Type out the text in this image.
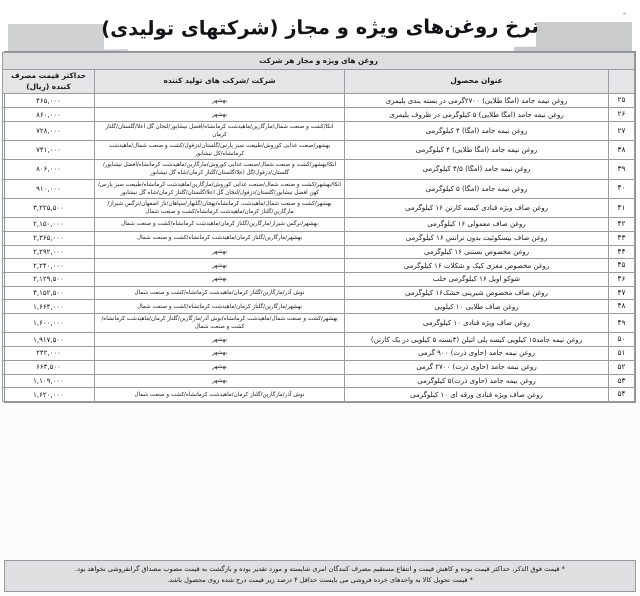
نرخ روغن‌های ویژه و مجاز (شرکتهای تولیدی)
روغن های ویژه و مجاز هر شرکت			
	عنوان محصول	شرکت /شرکت های تولید کننده	حداکثر قیمت مصرف کننده (ریال)
۲۵	روغن نیمه جامد (امگا طلایی) ۲۷۰۰گرمی در بسته بندی پلیمری	بهشهر	۴۶۵,۰۰۰
۲۶	روغن نیمه جامد (امگا طلایی) ۵ کیلوگرمی در ظروف پلیمری	بهشهر	۸۶۰,۰۰۰
۲۷	روغن نیمه جامد (امگا) ۴ کیلوگرمی	انکا/کشت و صنعت شمال/مارگارین/ماهیدشت کرمانشاه/افضل نیشابور/لنجان گل اعلا/گلستان/گلناز کرمان	۷۲۸,۰۰۰
۳۸	روغن نیمه جامد (امگا طلایی) ۴ کیلوگرمی	بهشهر/صنعت غذایی کوروش/طبیعت سبز پارس/گلستان/دزفول/کشت و صنعت شمال/ماهیدشت کرمانشاه/کل نیشابور	۷۴۱,۰۰۰
۳۹	روغن نیمه جامد (امگا) ۴/۵ کیلوگرمی	انکا/بهشهر/کشت و صنعت شمال/صنعت غذایی کوروش/مارگارین/ماهیدشت کرمانشاه/افضل نیشابور/گلستان/دزفول/گل اعلا/گلستان/گلناز کرمان/شاه گل نیشابور	۸۰۶,۰۰۰
۴۰	روغن نیمه جامد (امگا) ۵ کیلوگرمی	انکا/بهشهر/کشت و صنعت شمال/صنعت غذایی کوروش/مارگارین/ماهیدشت کرمانشاه/طبیعت سبز پارس/کهن افضل نیشابور/گلستان/دزفول/لنجان گل اعلا/گلستان/گلناز کرمان/شاه گل نیشابور	۹۱۰,۰۰۰
۴۱	روغن صاف ویژه قنادی کیسه کارتن ۱۶ کیلوگرمی	بهشهر/کشت و صنعت شمال/ماهیدشت کرمانشاه/بهجان/گلبهار/سپاهان/ناز اصفهان/نرگس شیراز/مارگارین/گلناز کرمان/ماهیدشت کرمانشاه/کشت و صنعت شمال	۳,۲۲۵,۵۰۰
۴۲	روغن صاف معمولی ۱۶ کیلوگرمی	بهشهر/نرگس شیراز/مارگارین/گلناز کرمان/ماهیدشت کرمانشاه/کشت و صنعت شمال	۲,۱۵۰,۰۰۰
۴۳	روغن صاف بیسکوئیت بدون ترانس ۱۶ کیلوگرمی	بهشهر/مارگارین/گلناز کرمان/ماهیدشت کرمانشاه/کشت و صنعت شمال	۲,۳۶۵,۰۰۰
۴۴	روغن مخصوص بستنی ۱۶ کیلوگرمی	بهشهر	۲,۲۹۲,۰۰۰
۴۵	روغن مخصوص مغزی کیک و شکلات ۱۶ کیلوگرمی	بهشهر	۲,۲۴۰,۰۰۰
۴۶	شوکو اویل ۱۶ کیلوگرمی حلب	بهشهر	۲,۱۲۹,۵۰۰
۴۷	روغن صاف مخصوص شیرینی خشک۱۶ کیلوگرمی	نوش آذر/مارگارین/گلناز کرمان/ماهیدشت کرمانشاه/کشت و صنعت شمال	۴,۱۵۲,۵۰۰
۴۸	روغن صاف طلایی ۱۰ کیلویی	بهشهر/مارگارین/گلناز کرمان/ماهیدشت کرمانشاه/کشت و صنعت شمال	۱,۶۶۴,۰۰۰
۴۹	روغن صاف ویژه قنادی ۱۰ کیلوگرمی	بهشهر/کشت و صنعت شمال/ماهیدشت کرمانشاه/نوش آذر/مارگارین/گلناز کرمان/ماهیدشت کرمانشاه/کشت و صنعت شمال	۱,۶۰۰,۰۰۰
۵۰	روغن نیمه جامد۱۵ کیلویی کیسه پلی اتیلن (۳بسته ۵ کیلویی در یک کارتن)	بهشهر	۱,۹۱۷,۵۰۰
۵۱	روغن نیمه جامد (حاوی ذرت) ۹۰۰ گرمی	بهشهر	۲۴۲,۰۰۰
۵۲	روغن نیمه جامد (حاوی ذرت) ۲۷۰۰ گرمی	بهشهر	۶۶۴,۵۰۰
۵۳	روغن نیمه جامد (حاوی ذرت)۵ کیلوگرمی	بهشهر	۱,۱۰۹,۰۰۰
۵۴	روغن صاف ویژه قنادی ورقه ای ۱۰ کیلوگرمی	نوش آذر/مارگارین/گلناز کرمان/ماهیدشت کرمانشاه/کشت و صنعت شمال	۱,۶۲۰,۰۰۰
* قیمت فوق الذکر، حداکثر قیمت بوده و کاهش قیمت و انتفاع مستقیم مصرف کنندگان امری شایسته و مورد تقدیر بوده و بازگشت به قیمت مصوب مصداق گرانفروشی نخواهد بود.
* قیمت تحویل کالا به واحدهای خرده فروشی می بایست حداقل ۴ درصد زیر قیمت درج شده روی محصول باشد.
